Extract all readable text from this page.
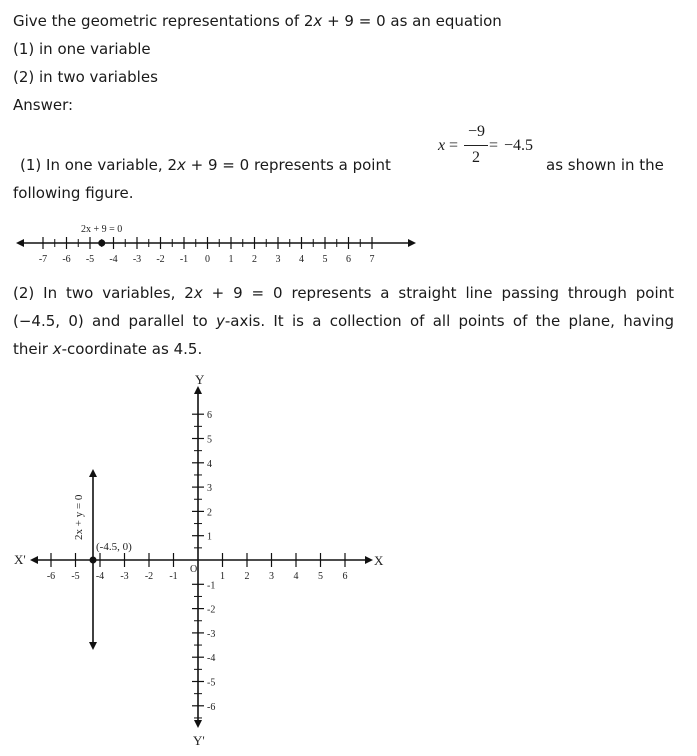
Give the geometric representations of 2x + 9 = 0 as an equation
(1) in one variable
(2) in two variables
Answer:
(1) In one variable, 2x + 9 = 0 represents a point	as shown in the
following figure.
x =
−9
2
= −4.5
-7 -6 -5 -4 -3 -2 -1 0 1 2 3 4 5 6 7
2x + 9 = 0
(2) In two variables, 2x + 9 = 0 represents a straight line passing through point
(−4.5, 0) and parallel to y-axis. It is a collection of all points of the plane, having
their x-coordinate as 4.5.
-6 -5 -4 -3 -2 -1	1 2 3 4 5 6
6
5
4
3
2
1
-1
-2
-3
-4
-5
-6
Y
Y'
X
X'
O
(-4.5, 0)
2x + y = 0
